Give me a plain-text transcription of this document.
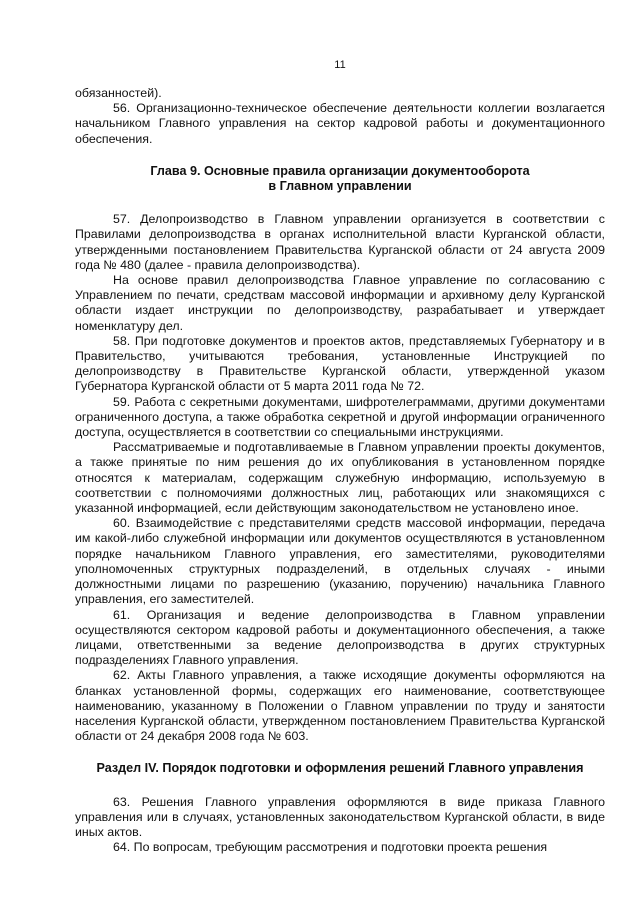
11

обязанностей).

56. Организационно-техническое обеспечение деятельности коллегии возлагается начальником Главного управления на сектор кадровой работы и документационного обеспечения.

Глава 9. Основные правила организации документооборота
в Главном управлении

57. Делопроизводство в Главном управлении организуется в соответствии с Правилами делопроизводства в органах исполнительной власти Курганской области, утвержденными постановлением Правительства Курганской области от 24 августа 2009 года № 480 (далее - правила делопроизводства).

На основе правил делопроизводства Главное управление по согласованию с Управлением по печати, средствам массовой информации и архивному делу Курганской области издает инструкции по делопроизводству, разрабатывает и утверждает номенклатуру дел.

58. При подготовке документов и проектов актов, представляемых Губернатору и в Правительство, учитываются требования, установленные Инструкцией по делопроизводству в Правительстве Курганской области, утвержденной указом Губернатора Курганской области от 5 марта 2011 года № 72.

59. Работа с секретными документами, шифротелеграммами, другими документами ограниченного доступа, а также обработка секретной и другой информации ограниченного доступа, осуществляется в соответствии со специальными инструкциями.

Рассматриваемые и подготавливаемые в Главном управлении проекты документов, а также принятые по ним решения до их опубликования в установленном порядке относятся к материалам, содержащим служебную информацию, используемую в соответствии с полномочиями должностных лиц, работающих или знакомящихся с указанной информацией, если действующим законодательством не установлено иное.

60. Взаимодействие с представителями средств массовой информации, передача им какой-либо служебной информации или документов осуществляются в установленном порядке начальником Главного управления, его заместителями, руководителями уполномоченных структурных подразделений, в отдельных случаях - иными должностными лицами по разрешению (указанию, поручению) начальника Главного управления, его заместителей.

61. Организация и ведение делопроизводства в Главном управлении осуществляются сектором кадровой работы и документационного обеспечения, а также лицами, ответственными за ведение делопроизводства в других структурных подразделениях Главного управления.

62. Акты Главного управления, а также исходящие документы оформляются на бланках установленной формы, содержащих его наименование, соответствующее наименованию, указанному в Положении о Главном управлении по труду и занятости населения Курганской области, утвержденном постановлением Правительства Курганской области от 24 декабря 2008 года № 603.

Раздел IV. Порядок подготовки и оформления решений Главного управления

63. Решения Главного управления оформляются в виде приказа Главного управления или в случаях, установленных законодательством Курганской области, в виде иных актов.

64. По вопросам, требующим рассмотрения и подготовки проекта решения
